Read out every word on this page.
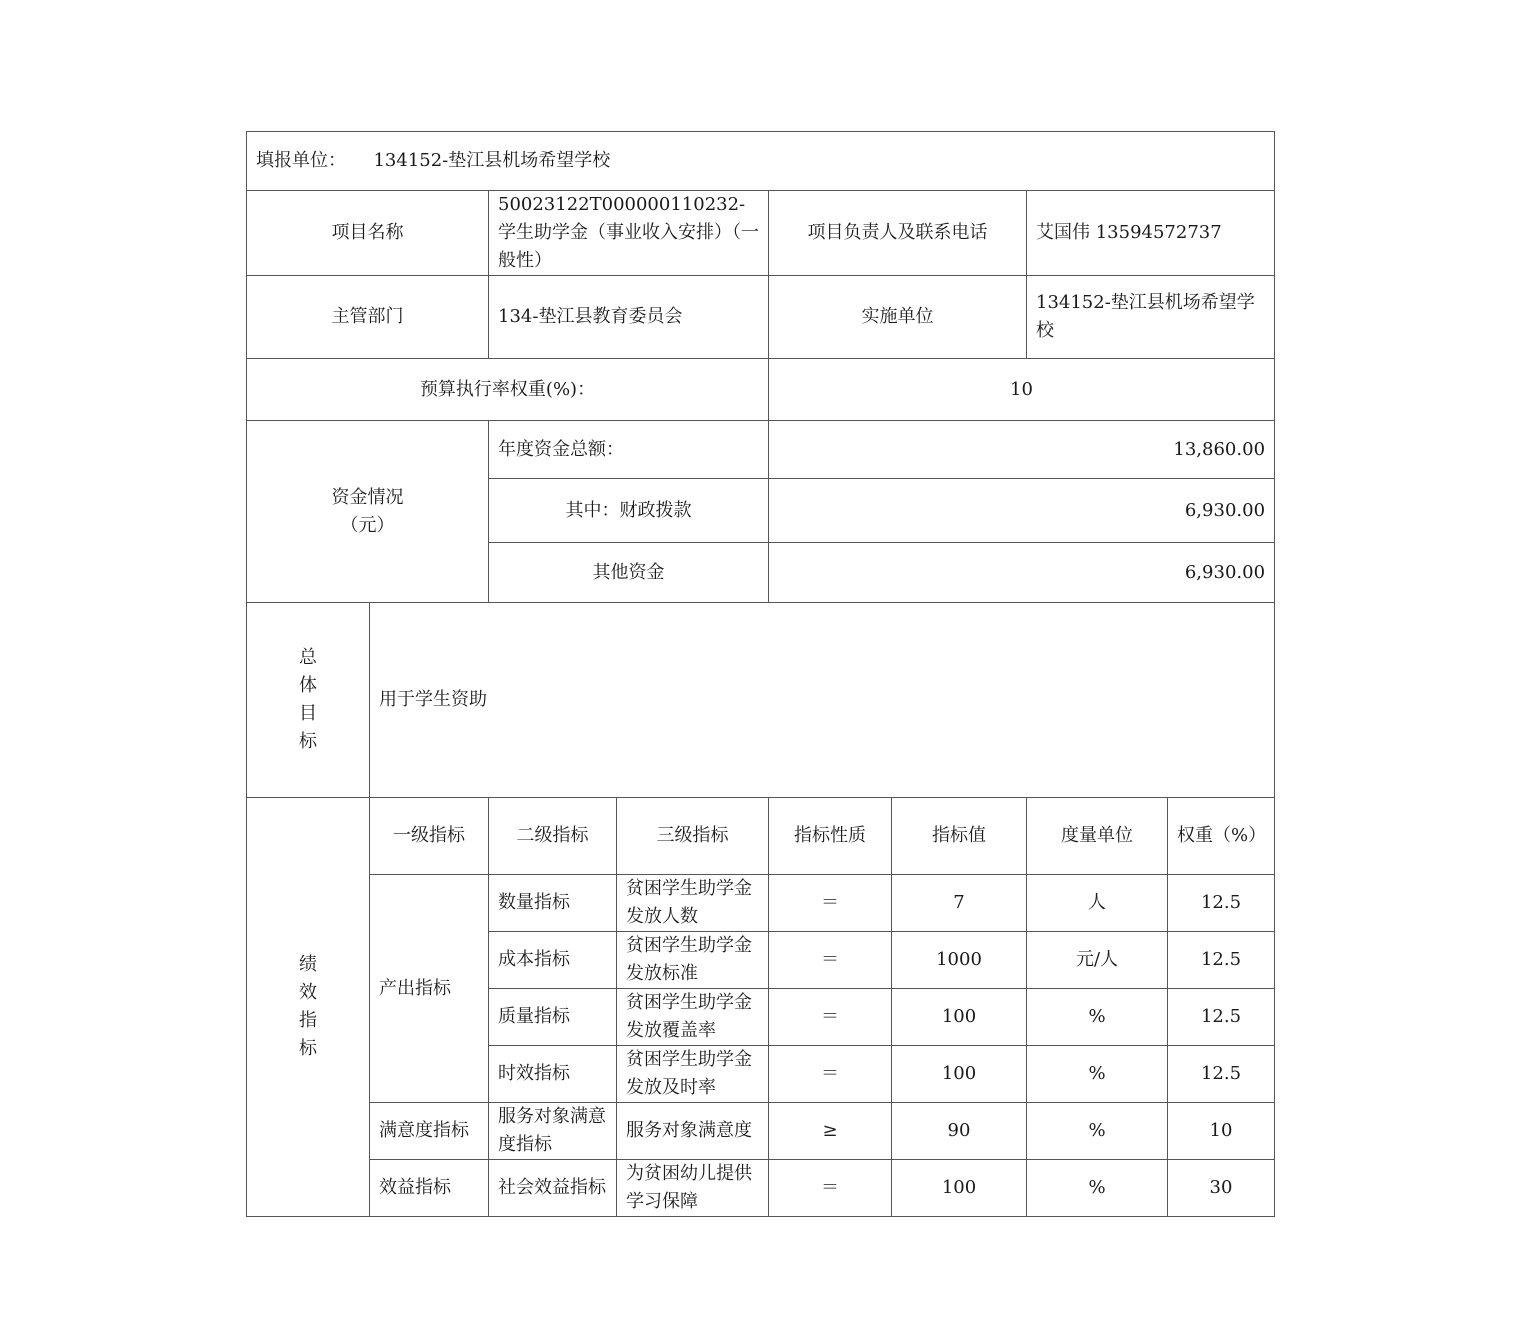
填报单位： 134152-垫江县机场希望学校							
项目名称		50023122T000000110232-学生助学金（事业收入安排）（一般性）		项目负责人及联系电话		艾国伟 13594572737	
主管部门		134-垫江县教育委员会		实施单位		134152-垫江县机场希望学校	
预算执行率权重(%)：				10			

资金情况（元）		年度资金总额：		13,860.00			
		其中：财政拨款		6,930.00			
		其他资金		6,930.00			

总体目标	用于学生资助						

绩效指标	一级指标	二级指标	三级指标	指标性质	指标值	度量单位	权重（%）
	产出指标	数量指标	贫困学生助学金发放人数	＝	7	人	12.5
		成本指标	贫困学生助学金发放标准	＝	1000	元/人	12.5
		质量指标	贫困学生助学金发放覆盖率	＝	100	%	12.5
		时效指标	贫困学生助学金发放及时率	＝	100	%	12.5
	满意度指标	服务对象满意度指标	服务对象满意度	≥	90	%	10
	效益指标	社会效益指标	为贫困幼儿提供学习保障	＝	100	%	30
